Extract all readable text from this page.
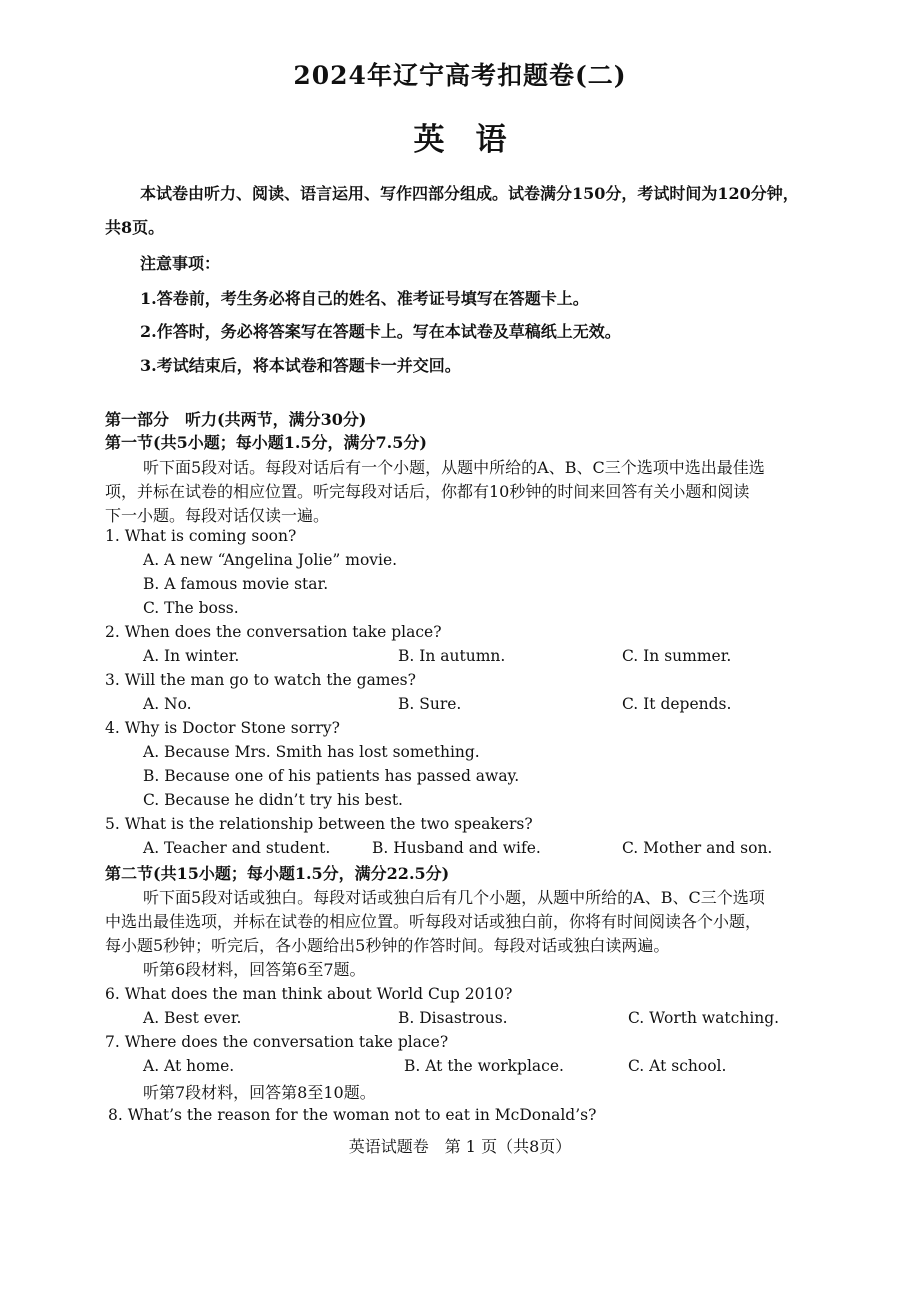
2024年辽宁高考扣题卷(二)
英　语
本试卷由听力、阅读、语言运用、写作四部分组成。试卷满分150分，考试时间为120分钟，
共8页。
注意事项：
1.答卷前，考生务必将自己的姓名、准考证号填写在答题卡上。
2.作答时，务必将答案写在答题卡上。写在本试卷及草稿纸上无效。
3.考试结束后，将本试卷和答题卡一并交回。
第一部分　听力(共两节，满分30分)
第一节(共5小题；每小题1.5分，满分7.5分)
听下面5段对话。每段对话后有一个小题，从题中所给的A、B、C三个选项中选出最佳选
项，并标在试卷的相应位置。听完每段对话后，你都有10秒钟的时间来回答有关小题和阅读
下一小题。每段对话仅读一遍。
1. What is coming soon?
A. A new “Angelina Jolie” movie.
B. A famous movie star.
C. The boss.
2. When does the conversation take place?
A. In winter.	B. In autumn.	C. In summer.
3. Will the man go to watch the games?
A. No.	B. Sure.	C. It depends.
4. Why is Doctor Stone sorry?
A. Because Mrs. Smith has lost something.
B. Because one of his patients has passed away.
C. Because he didn’t try his best.
5. What is the relationship between the two speakers?
A. Teacher and student.	B. Husband and wife.	C. Mother and son.
第二节(共15小题；每小题1.5分，满分22.5分)
听下面5段对话或独白。每段对话或独白后有几个小题，从题中所给的A、B、C三个选项
中选出最佳选项，并标在试卷的相应位置。听每段对话或独白前，你将有时间阅读各个小题，
每小题5秒钟；听完后，各小题给出5秒钟的作答时间。每段对话或独白读两遍。
听第6段材料，回答第6至7题。
6. What does the man think about World Cup 2010?
A. Best ever.	B. Disastrous.	C. Worth watching.
7. Where does the conversation take place?
A. At home.	B. At the workplace.	C. At school.
听第7段材料，回答第8至10题。
8. What’s the reason for the woman not to eat in McDonald’s?
英语试题卷　第 1 页（共8页）
